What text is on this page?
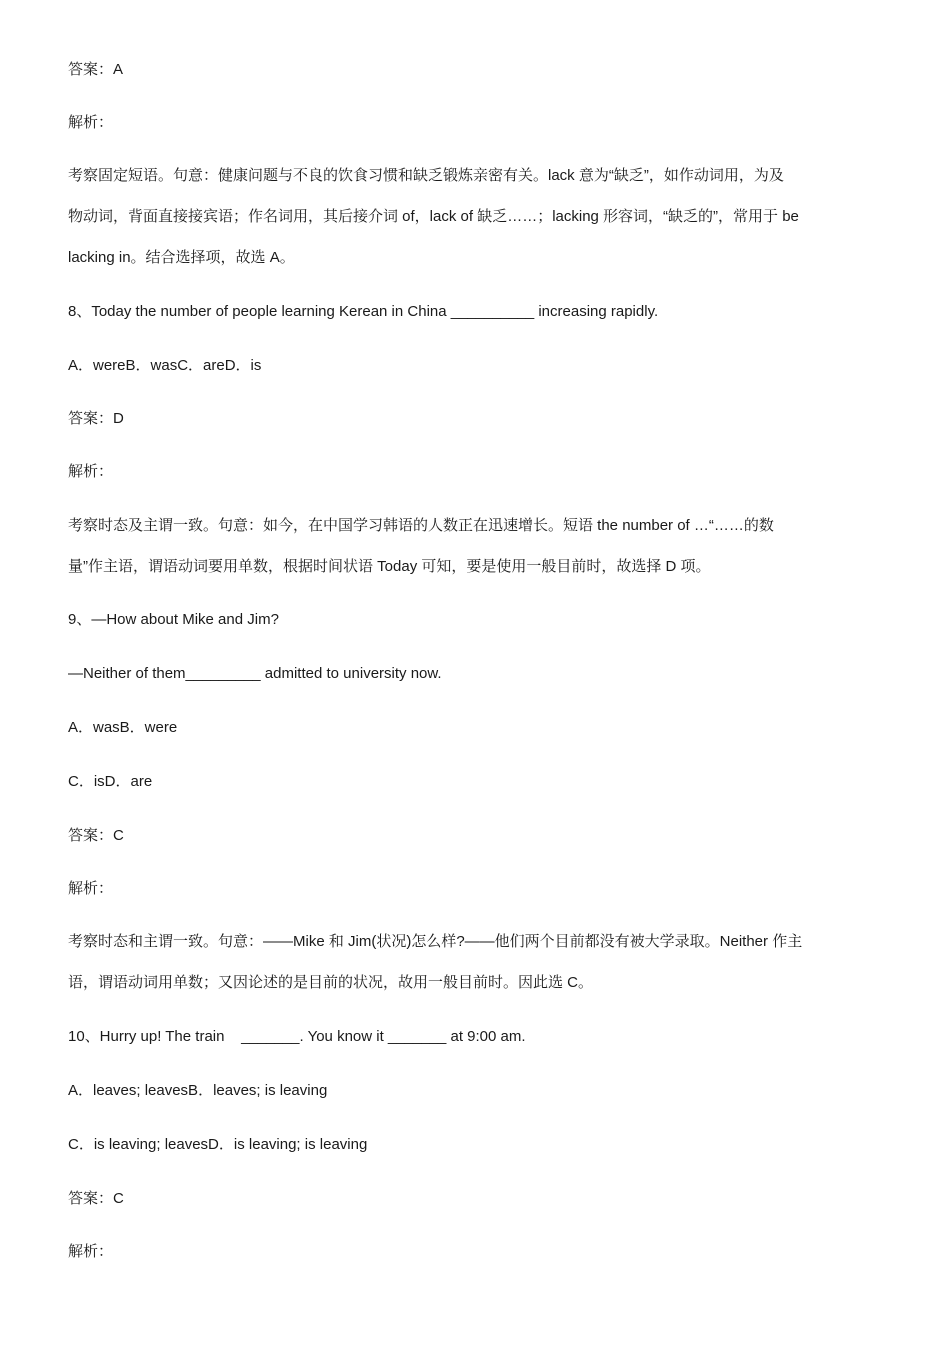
答案：A
解析：
考察固定短语。句意：健康问题与不良的饮食习惯和缺乏锻炼亲密有关。lack 意为“缺乏”，如作动词用，为及
物动词，背面直接接宾语；作名词用，其后接介词 of，lack of 缺乏……；lacking 形容词，“缺乏的”，常用于 be
lacking in。结合选择项，故选 A。
8、Today the number of people learning Kerean in China __________ increasing rapidly.
A．wereB．wasC．areD．is
答案：D
解析：
考察时态及主谓一致。句意：如今，在中国学习韩语的人数正在迅速增长。短语 the number of …“……的数
量”作主语，谓语动词要用单数，根据时间状语 Today 可知，要是使用一般目前时，故选择 D 项。
9、—How about Mike and Jim?
—Neither of them_________ admitted to university now.
A．wasB．were
C．isD．are
答案：C
解析：
考察时态和主谓一致。句意：——Mike 和 Jim(状况)怎么样?——他们两个目前都没有被大学录取。Neither 作主
语，谓语动词用单数；又因论述的是目前的状况，故用一般目前时。因此选 C。
10、Hurry up! The train    _______. You know it _______ at 9:00 am.
A．leaves; leavesB．leaves; is leaving
C．is leaving; leavesD．is leaving; is leaving
答案：C
解析：
